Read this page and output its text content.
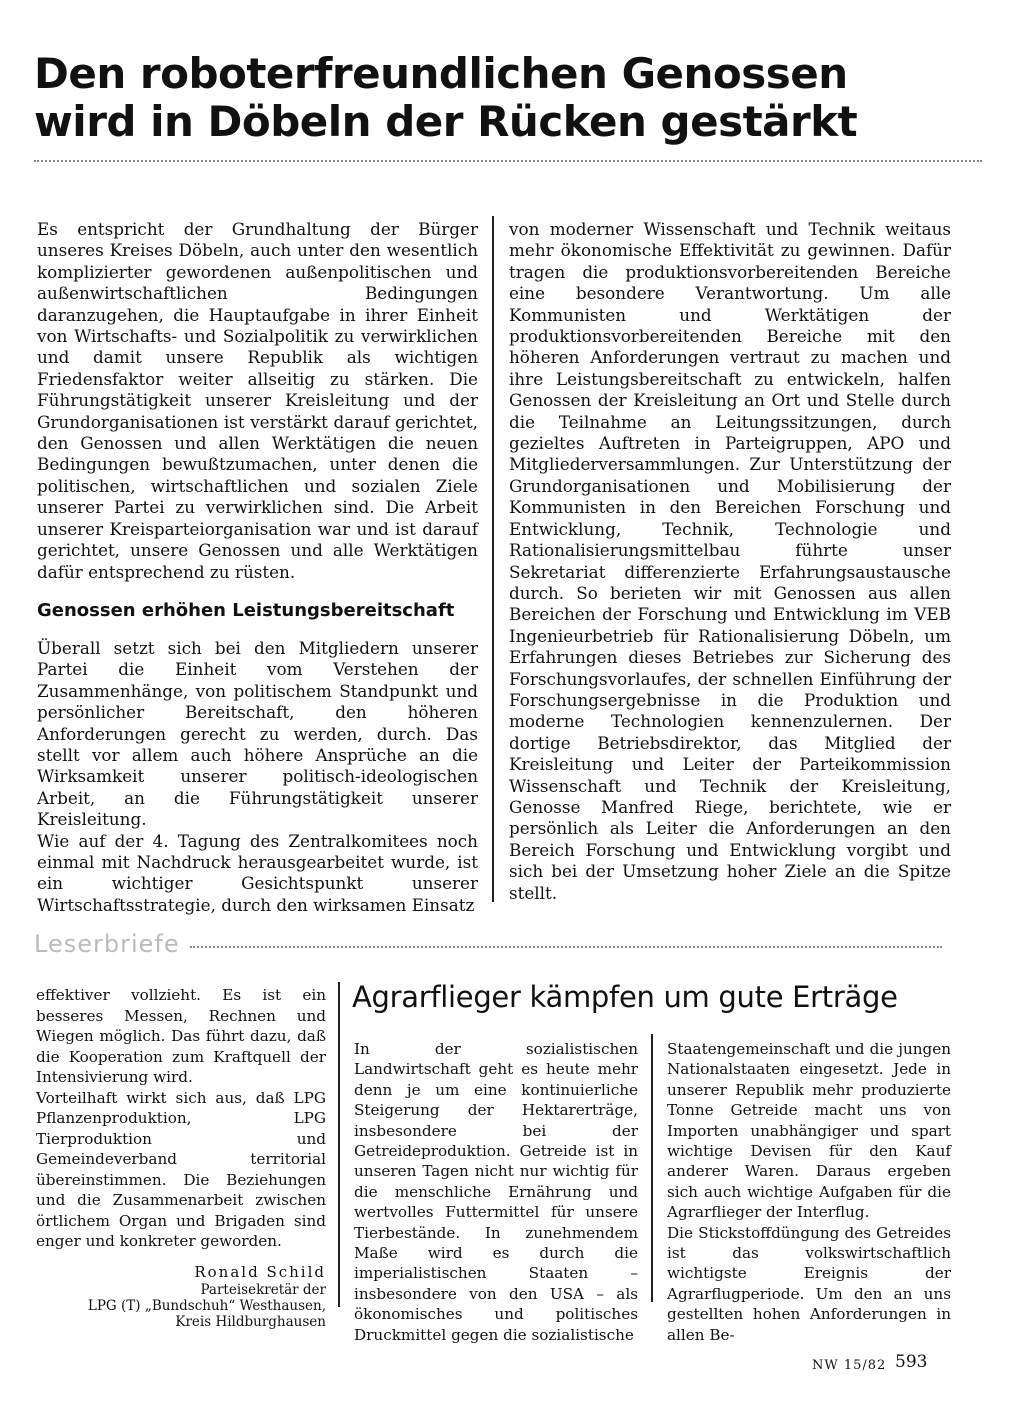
Den roboterfreundlichen Genossen
wird in Döbeln der Rücken gestärkt

Es entspricht der Grundhaltung der Bürger unseres Kreises Döbeln, auch unter den wesentlich komplizierter gewordenen außenpolitischen und außenwirtschaftlichen Bedingungen daranzugehen, die Hauptaufgabe in ihrer Einheit von Wirtschafts- und Sozialpolitik zu verwirklichen und damit unsere Republik als wichtigen Friedensfaktor weiter allseitig zu stärken. Die Führungstätigkeit unserer Kreisleitung und der Grundorganisationen ist verstärkt darauf gerichtet, den Genossen und allen Werktätigen die neuen Bedingungen bewußtzumachen, unter denen die politischen, wirtschaftlichen und sozialen Ziele unserer Partei zu verwirklichen sind. Die Arbeit unserer Kreisparteiorganisation war und ist darauf gerichtet, unsere Genossen und alle Werktätigen dafür entsprechend zu rüsten.

Genossen erhöhen Leistungsbereitschaft

Überall setzt sich bei den Mitgliedern unserer Partei die Einheit vom Verstehen der Zusammenhänge, von politischem Standpunkt und persönlicher Bereitschaft, den höheren Anforderungen gerecht zu werden, durch. Das stellt vor allem auch höhere Ansprüche an die Wirksamkeit unserer politisch-ideologischen Arbeit, an die Führungstätigkeit unserer Kreisleitung.

Wie auf der 4. Tagung des Zentralkomitees noch einmal mit Nachdruck herausgearbeitet wurde, ist ein wichtiger Gesichtspunkt unserer Wirtschaftsstrategie, durch den wirksamen Einsatz

von moderner Wissenschaft und Technik weitaus mehr ökonomische Effektivität zu gewinnen. Dafür tragen die produktionsvorbereitenden Bereiche eine besondere Verantwortung. Um alle Kommunisten und Werktätigen der produktionsvorbereitenden Bereiche mit den höheren Anforderungen vertraut zu machen und ihre Leistungsbereitschaft zu entwickeln, halfen Genossen der Kreisleitung an Ort und Stelle durch die Teilnahme an Leitungssitzungen, durch gezieltes Auftreten in Parteigruppen, APO und Mitgliederversammlungen. Zur Unterstützung der Grundorganisationen und Mobilisierung der Kommunisten in den Bereichen Forschung und Entwicklung, Technik, Technologie und Rationalisierungsmittelbau führte unser Sekretariat differenzierte Erfahrungsaustausche durch. So berieten wir mit Genossen aus allen Bereichen der Forschung und Entwicklung im VEB Ingenieurbetrieb für Rationalisierung Döbeln, um Erfahrungen dieses Betriebes zur Sicherung des Forschungsvorlaufes, der schnellen Einführung der Forschungsergebnisse in die Produktion und moderne Technologien kennenzulernen. Der dortige Betriebsdirektor, das Mitglied der Kreisleitung und Leiter der Parteikommission Wissenschaft und Technik der Kreisleitung, Genosse Manfred Riege, berichtete, wie er persönlich als Leiter die Anforderungen an den Bereich Forschung und Entwicklung vorgibt und sich bei der Umsetzung hoher Ziele an die Spitze stellt.

Leserbriefe

effektiver vollzieht. Es ist ein besseres Messen, Rechnen und Wiegen möglich. Das führt dazu, daß die Kooperation zum Kraftquell der Intensivierung wird.

Vorteilhaft wirkt sich aus, daß LPG Pflanzenproduktion, LPG Tierproduktion und Gemeindeverband territorial übereinstimmen. Die Beziehungen und die Zusammenarbeit zwischen örtlichem Organ und Brigaden sind enger und konkreter geworden.

Ronald Schild

Parteisekretär der

LPG (T) „Bundschuh“ Westhausen,

Kreis Hildburghausen

Agrarflieger kämpfen um gute Erträge

In der sozialistischen Landwirtschaft geht es heute mehr denn je um eine kontinuierliche Steigerung der Hektarerträge, insbesondere bei der Getreideproduktion. Getreide ist in unseren Tagen nicht nur wichtig für die menschliche Ernährung und wertvolles Futtermittel für unsere Tierbestände. In zunehmendem Maße wird es durch die imperialistischen Staaten – insbesondere von den USA – als ökonomisches und politisches Druckmittel gegen die sozialistische

Staatengemeinschaft und die jungen Nationalstaaten eingesetzt. Jede in unserer Republik mehr produzierte Tonne Getreide macht uns von Importen unabhängiger und spart wichtige Devisen für den Kauf anderer Waren. Daraus ergeben sich auch wichtige Aufgaben für die Agrarflieger der Interflug.

Die Stickstoffdüngung des Getreides ist das volkswirtschaftlich wichtigste Ereignis der Agrarflugperiode. Um den an uns gestellten hohen Anforderungen in allen Be-

NW 15/82 593
